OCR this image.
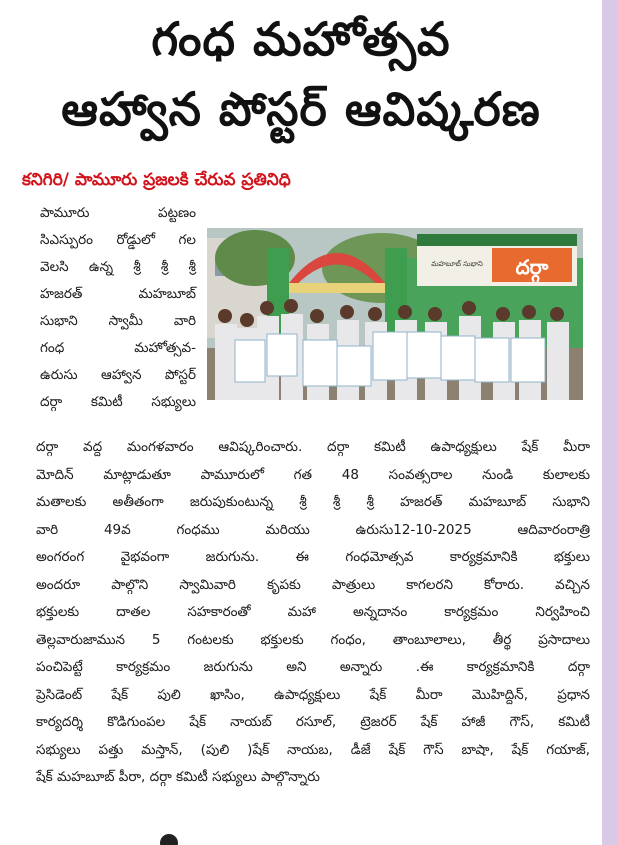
గంధ మహోత్సవ
ఆహ్వాన పోస్టర్ ఆవిష్కరణ
కనిగిరి/ పామూరు ప్రజలకి చేరువ ప్రతినిధి
పామూరు పట్టణం
సిఎస్పురం రోడ్డులో గల
వెలసి ఉన్న శ్రీ శ్రీ శ్రీ
హజరత్ మహబూబ్
సుభాని స్వామీ వారి
గంధ మహోత్సవ-
ఉరుసు ఆహ్వాన పోస్టర్
దర్గా కమిటీ సభ్యులు
దర్గా
మహబూబ్ సుభాని
దర్గా వద్ద మంగళవారం ఆవిష్కరించారు. దర్గా కమిటీ ఉపాధ్యక్షులు షేక్ మీరా
మోదిన్ మాట్లాడుతూ పామూరులో గత 48 సంవత్సరాల నుండి కులాలకు
మతాలకు అతీతంగా జరుపుకుంటున్న శ్రీ శ్రీ శ్రీ హజరత్ మహబూబ్ సుభాని
వారి 49వ గంధము మరియు ఉరుసు12-10-2025 ఆదివారంరాత్రి
అంగరంగ వైభవంగా జరుగును. ఈ గంధమోత్సవ కార్యక్రమానికి భక్తులు
అందరూ పాల్గొని స్వామివారి కృపకు పాత్రులు కాగలరని కోరారు. వచ్చిన
భక్తులకు దాతల సహకారంతో మహా అన్నదానం కార్యక్రమం నిర్వహించి
తెల్లవారుజామున 5 గంటలకు భక్తులకు గంధం, తాంబూలాలు, తీర్థ ప్రసాదాలు
పంచిపెట్టే కార్యక్రమం జరుగును అని అన్నారు .ఈ కార్యక్రమానికి దర్గా
ప్రెసిడెంట్ షేక్ పులి ఖాసిం, ఉపాధ్యక్షులు షేక్ మీరా మొహిద్దిన్, ప్రధాన
కార్యదర్శి కొడిగుంపల షేక్ నాయబ్ రసూల్, ట్రెజరర్ షేక్ హాజీ గౌస్, కమిటీ
సభ్యులు పత్తు మస్తాన్, (పులి )షేక్ నాయబ, డీజే షేక్ గౌస్ బాషా, షేక్ గయాజ్,
షేక్ మహబూబ్ పీరా, దర్గా కమిటీ సభ్యులు పాల్గొన్నారు
